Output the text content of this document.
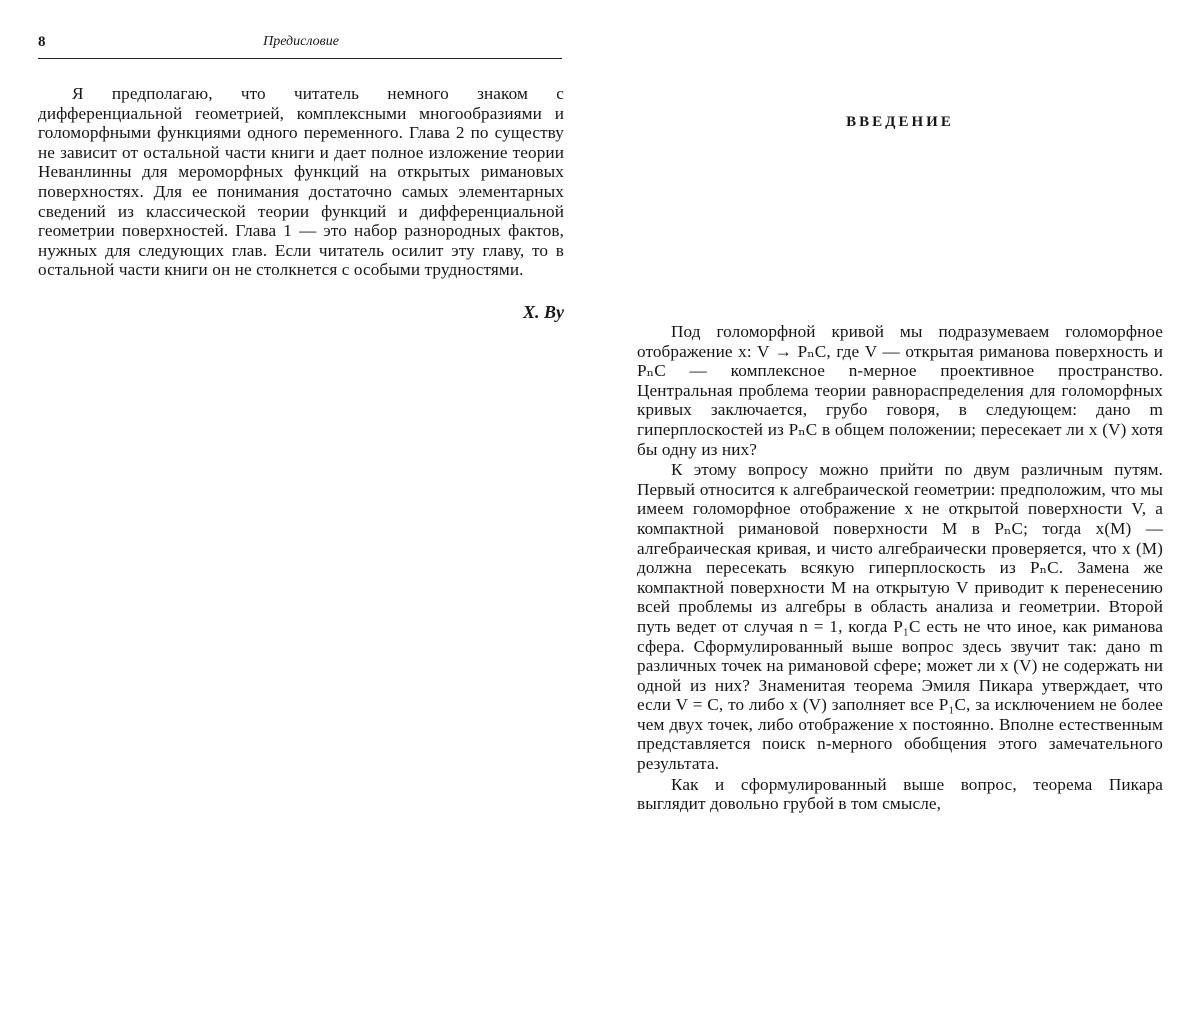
8	Предисловие

Я предполагаю, что читатель немного знаком с дифференциальной геометрией, комплексными многообразиями и голоморфными функциями одного переменного. Глава 2 по существу не зависит от остальной части книги и дает полное изложение теории Неванлинны для мероморфных функций на открытых римановых поверхностях. Для ее понимания достаточно самых элементарных сведений из классической теории функций и дифференциальной геометрии поверхностей. Глава 1 — это набор разнородных фактов, нужных для следующих глав. Если читатель осилит эту главу, то в остальной части книги он не столкнется с особыми трудностями.

X. Ву
ВВЕДЕНИЕ

Под голоморфной кривой мы подразумеваем голоморфное отображение x: V → PₙC, где V — открытая риманова поверхность и PₙC — комплексное n-мерное проективное пространство. Центральная проблема теории равнораспределения для голоморфных кривых заключается, грубо говоря, в следующем: дано m гиперплоскостей из PₙC в общем положении; пересекает ли x (V) хотя бы одну из них?

К этому вопросу можно прийти по двум различным путям. Первый относится к алгебраической геометрии: предположим, что мы имеем голоморфное отображение x не открытой поверхности V, а компактной римановой поверхности M в PₙC; тогда x(M) — алгебраическая кривая, и чисто алгебраически проверяется, что x (M) должна пересекать всякую гиперплоскость из PₙC. Замена же компактной поверхности M на открытую V приводит к перенесению всей проблемы из алгебры в область анализа и геометрии. Второй путь ведет от случая n = 1, когда P₁C есть не что иное, как риманова сфера. Сформулированный выше вопрос здесь звучит так: дано m различных точек на римановой сфере; может ли x (V) не содержать ни одной из них? Знаменитая теорема Эмиля Пикара утверждает, что если V = C, то либо x (V) заполняет все P₁C, за исключением не более чем двух точек, либо отображение x постоянно. Вполне естественным представляется поиск n-мерного обобщения этого замечательного результата.

Как и сформулированный выше вопрос, теорема Пикара выглядит довольно грубой в том смысле,
